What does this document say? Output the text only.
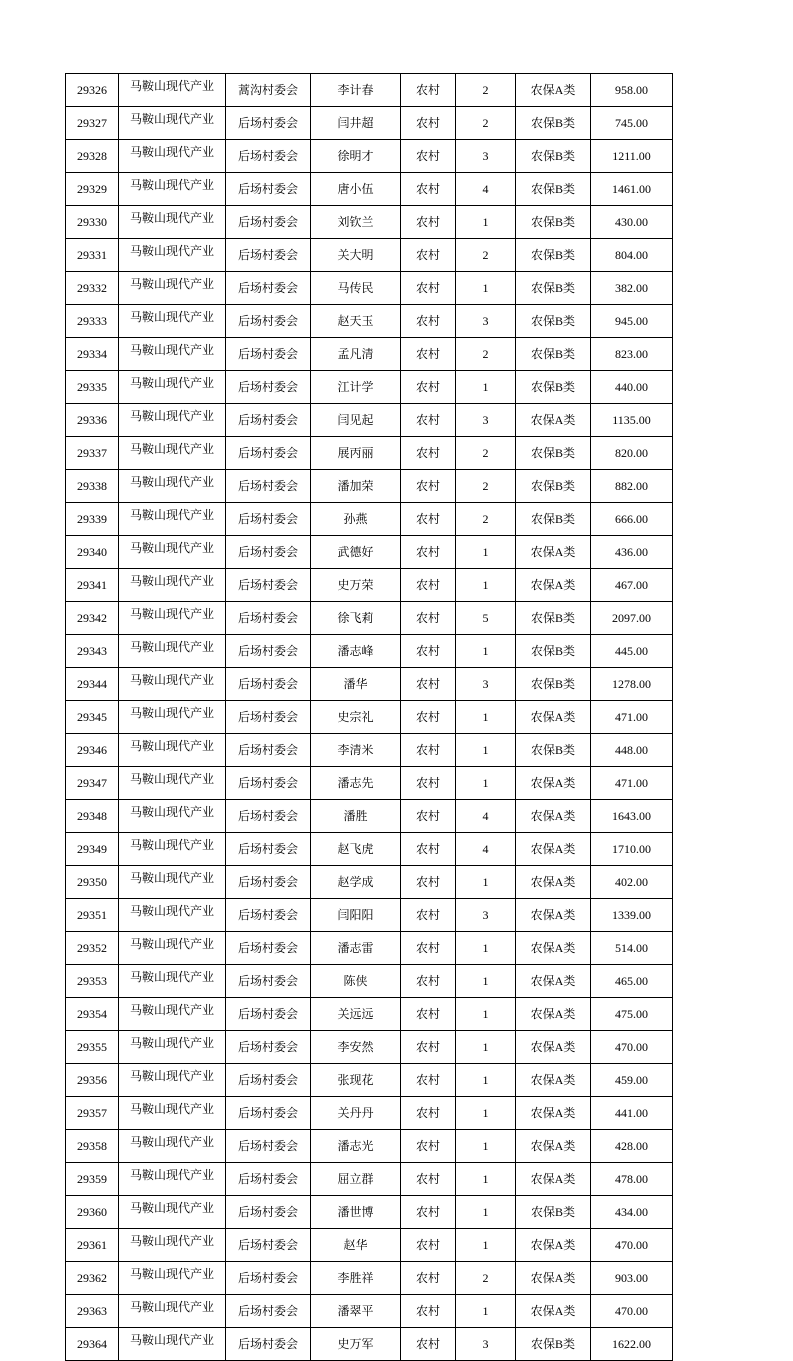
29326	马鞍山现代产业	蒿沟村委会	李计春	农村	2	农保A类	958.00
29327	马鞍山现代产业	后场村委会	闫井超	农村	2	农保B类	745.00
29328	马鞍山现代产业	后场村委会	徐明才	农村	3	农保B类	1211.00
29329	马鞍山现代产业	后场村委会	唐小伍	农村	4	农保B类	1461.00
29330	马鞍山现代产业	后场村委会	刘钦兰	农村	1	农保B类	430.00
29331	马鞍山现代产业	后场村委会	关大明	农村	2	农保B类	804.00
29332	马鞍山现代产业	后场村委会	马传民	农村	1	农保B类	382.00
29333	马鞍山现代产业	后场村委会	赵天玉	农村	3	农保B类	945.00
29334	马鞍山现代产业	后场村委会	孟凡清	农村	2	农保B类	823.00
29335	马鞍山现代产业	后场村委会	江计学	农村	1	农保B类	440.00
29336	马鞍山现代产业	后场村委会	闫见起	农村	3	农保A类	1135.00
29337	马鞍山现代产业	后场村委会	展丙丽	农村	2	农保B类	820.00
29338	马鞍山现代产业	后场村委会	潘加荣	农村	2	农保B类	882.00
29339	马鞍山现代产业	后场村委会	孙燕	农村	2	农保B类	666.00
29340	马鞍山现代产业	后场村委会	武德好	农村	1	农保A类	436.00
29341	马鞍山现代产业	后场村委会	史万荣	农村	1	农保A类	467.00
29342	马鞍山现代产业	后场村委会	徐飞莉	农村	5	农保B类	2097.00
29343	马鞍山现代产业	后场村委会	潘志峰	农村	1	农保B类	445.00
29344	马鞍山现代产业	后场村委会	潘华	农村	3	农保B类	1278.00
29345	马鞍山现代产业	后场村委会	史宗礼	农村	1	农保A类	471.00
29346	马鞍山现代产业	后场村委会	李清米	农村	1	农保B类	448.00
29347	马鞍山现代产业	后场村委会	潘志先	农村	1	农保A类	471.00
29348	马鞍山现代产业	后场村委会	潘胜	农村	4	农保A类	1643.00
29349	马鞍山现代产业	后场村委会	赵飞虎	农村	4	农保A类	1710.00
29350	马鞍山现代产业	后场村委会	赵学成	农村	1	农保A类	402.00
29351	马鞍山现代产业	后场村委会	闫阳阳	农村	3	农保A类	1339.00
29352	马鞍山现代产业	后场村委会	潘志雷	农村	1	农保A类	514.00
29353	马鞍山现代产业	后场村委会	陈侠	农村	1	农保A类	465.00
29354	马鞍山现代产业	后场村委会	关远远	农村	1	农保A类	475.00
29355	马鞍山现代产业	后场村委会	李安然	农村	1	农保A类	470.00
29356	马鞍山现代产业	后场村委会	张现花	农村	1	农保A类	459.00
29357	马鞍山现代产业	后场村委会	关丹丹	农村	1	农保A类	441.00
29358	马鞍山现代产业	后场村委会	潘志光	农村	1	农保A类	428.00
29359	马鞍山现代产业	后场村委会	屈立群	农村	1	农保A类	478.00
29360	马鞍山现代产业	后场村委会	潘世博	农村	1	农保B类	434.00
29361	马鞍山现代产业	后场村委会	赵华	农村	1	农保A类	470.00
29362	马鞍山现代产业	后场村委会	李胜祥	农村	2	农保A类	903.00
29363	马鞍山现代产业	后场村委会	潘翠平	农村	1	农保A类	470.00
29364	马鞍山现代产业	后场村委会	史万军	农村	3	农保B类	1622.00
